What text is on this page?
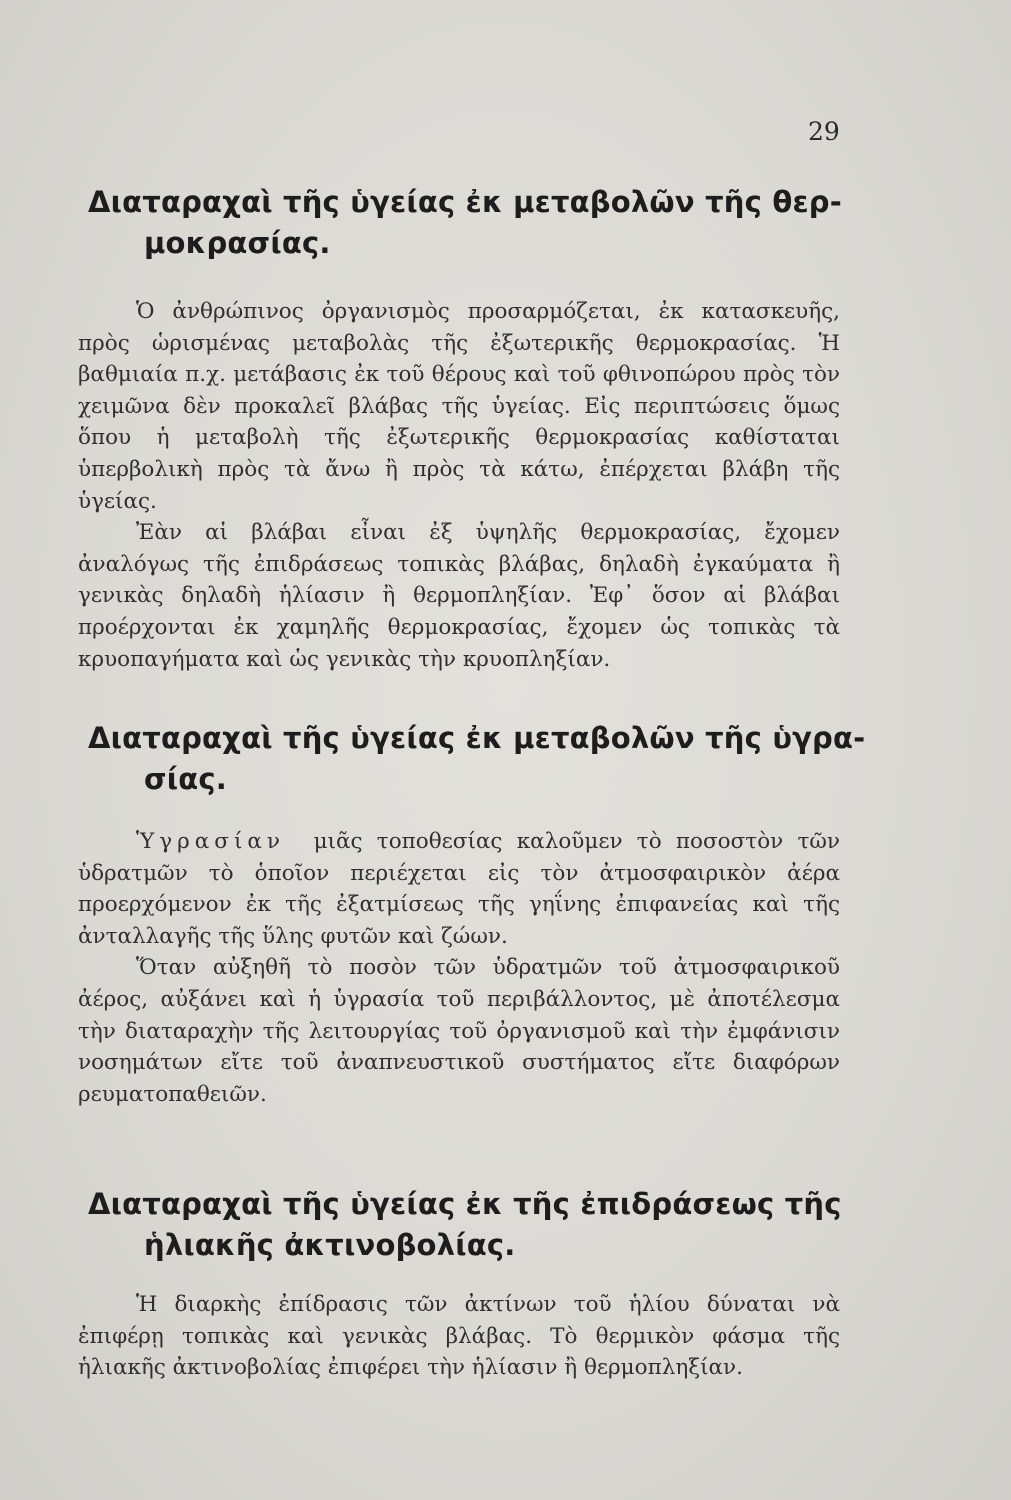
29
Διαταραχαὶ τῆς ὑγείας ἐκ μεταβολῶν τῆς θερ-
μοκρασίας.
Ὁ ἀνθρώπινος ὀργανισμὸς προσαρμόζεται, ἐκ κατασκευῆς, πρὸς ὡρισμένας μεταβολὰς τῆς ἐξωτερικῆς θερμοκρασίας. Ἡ βαθμιαία π.χ. μετάβασις ἐκ τοῦ θέρους καὶ τοῦ φθινοπώρου πρὸς τὸν χειμῶνα δὲν προκαλεῖ βλάβας τῆς ὑγείας. Εἰς περιπτώσεις ὅμως ὅπου ἡ μεταβολὴ τῆς ἐξωτερικῆς θερμοκρασίας καθίσταται ὑπερβολικὴ πρὸς τὰ ἄνω ἢ πρὸς τὰ κάτω, ἐπέρχεται βλάβη τῆς ὑγείας.
Ἐὰν αἱ βλάβαι εἶναι ἐξ ὑψηλῆς θερμοκρασίας, ἔχομεν ἀναλόγως τῆς ἐπιδράσεως τοπικὰς βλάβας, δηλαδὴ ἐγκαύματα ἢ γενικὰς δηλαδὴ ἡλίασιν ἢ θερμοπληξίαν. Ἐφ᾽ ὅσον αἱ βλάβαι προέρχονται ἐκ χαμηλῆς θερμοκρασίας, ἔχομεν ὡς τοπικὰς τὰ κρυοπαγήματα καὶ ὡς γενικὰς τὴν κρυοπληξίαν.
Διαταραχαὶ τῆς ὑγείας ἐκ μεταβολῶν τῆς ὑγρα-
σίας.
Ὑγρασίαν μιᾶς τοποθεσίας καλοῦμεν τὸ ποσοστὸν τῶν ὑδρατμῶν τὸ ὁποῖον περιέχεται εἰς τὸν ἀτμοσφαιρικὸν ἀέρα προερχόμενον ἐκ τῆς ἐξατμίσεως τῆς γηΐνης ἐπιφανείας καὶ τῆς ἀνταλλαγῆς τῆς ὕλης φυτῶν καὶ ζώων.
Ὅταν αὐξηθῆ τὸ ποσὸν τῶν ὑδρατμῶν τοῦ ἀτμοσφαιρικοῦ ἀέρος, αὐξάνει καὶ ἡ ὑγρασία τοῦ περιβάλλοντος, μὲ ἀποτέλεσμα τὴν διαταραχὴν τῆς λειτουργίας τοῦ ὀργανισμοῦ καὶ τὴν ἐμφάνισιν νοσημάτων εἴτε τοῦ ἀναπνευστικοῦ συστήματος εἴτε διαφόρων ρευματοπαθειῶν.
Διαταραχαὶ τῆς ὑγείας ἐκ τῆς ἐπιδράσεως τῆς
ἡλιακῆς ἀκτινοβολίας.
Ἡ διαρκὴς ἐπίδρασις τῶν ἀκτίνων τοῦ ἡλίου δύναται νὰ ἐπιφέρῃ τοπικὰς καὶ γενικὰς βλάβας. Τὸ θερμικὸν φάσμα τῆς ἡλιακῆς ἀκτινοβολίας ἐπιφέρει τὴν ἡλίασιν ἢ θερμοπληξίαν.
